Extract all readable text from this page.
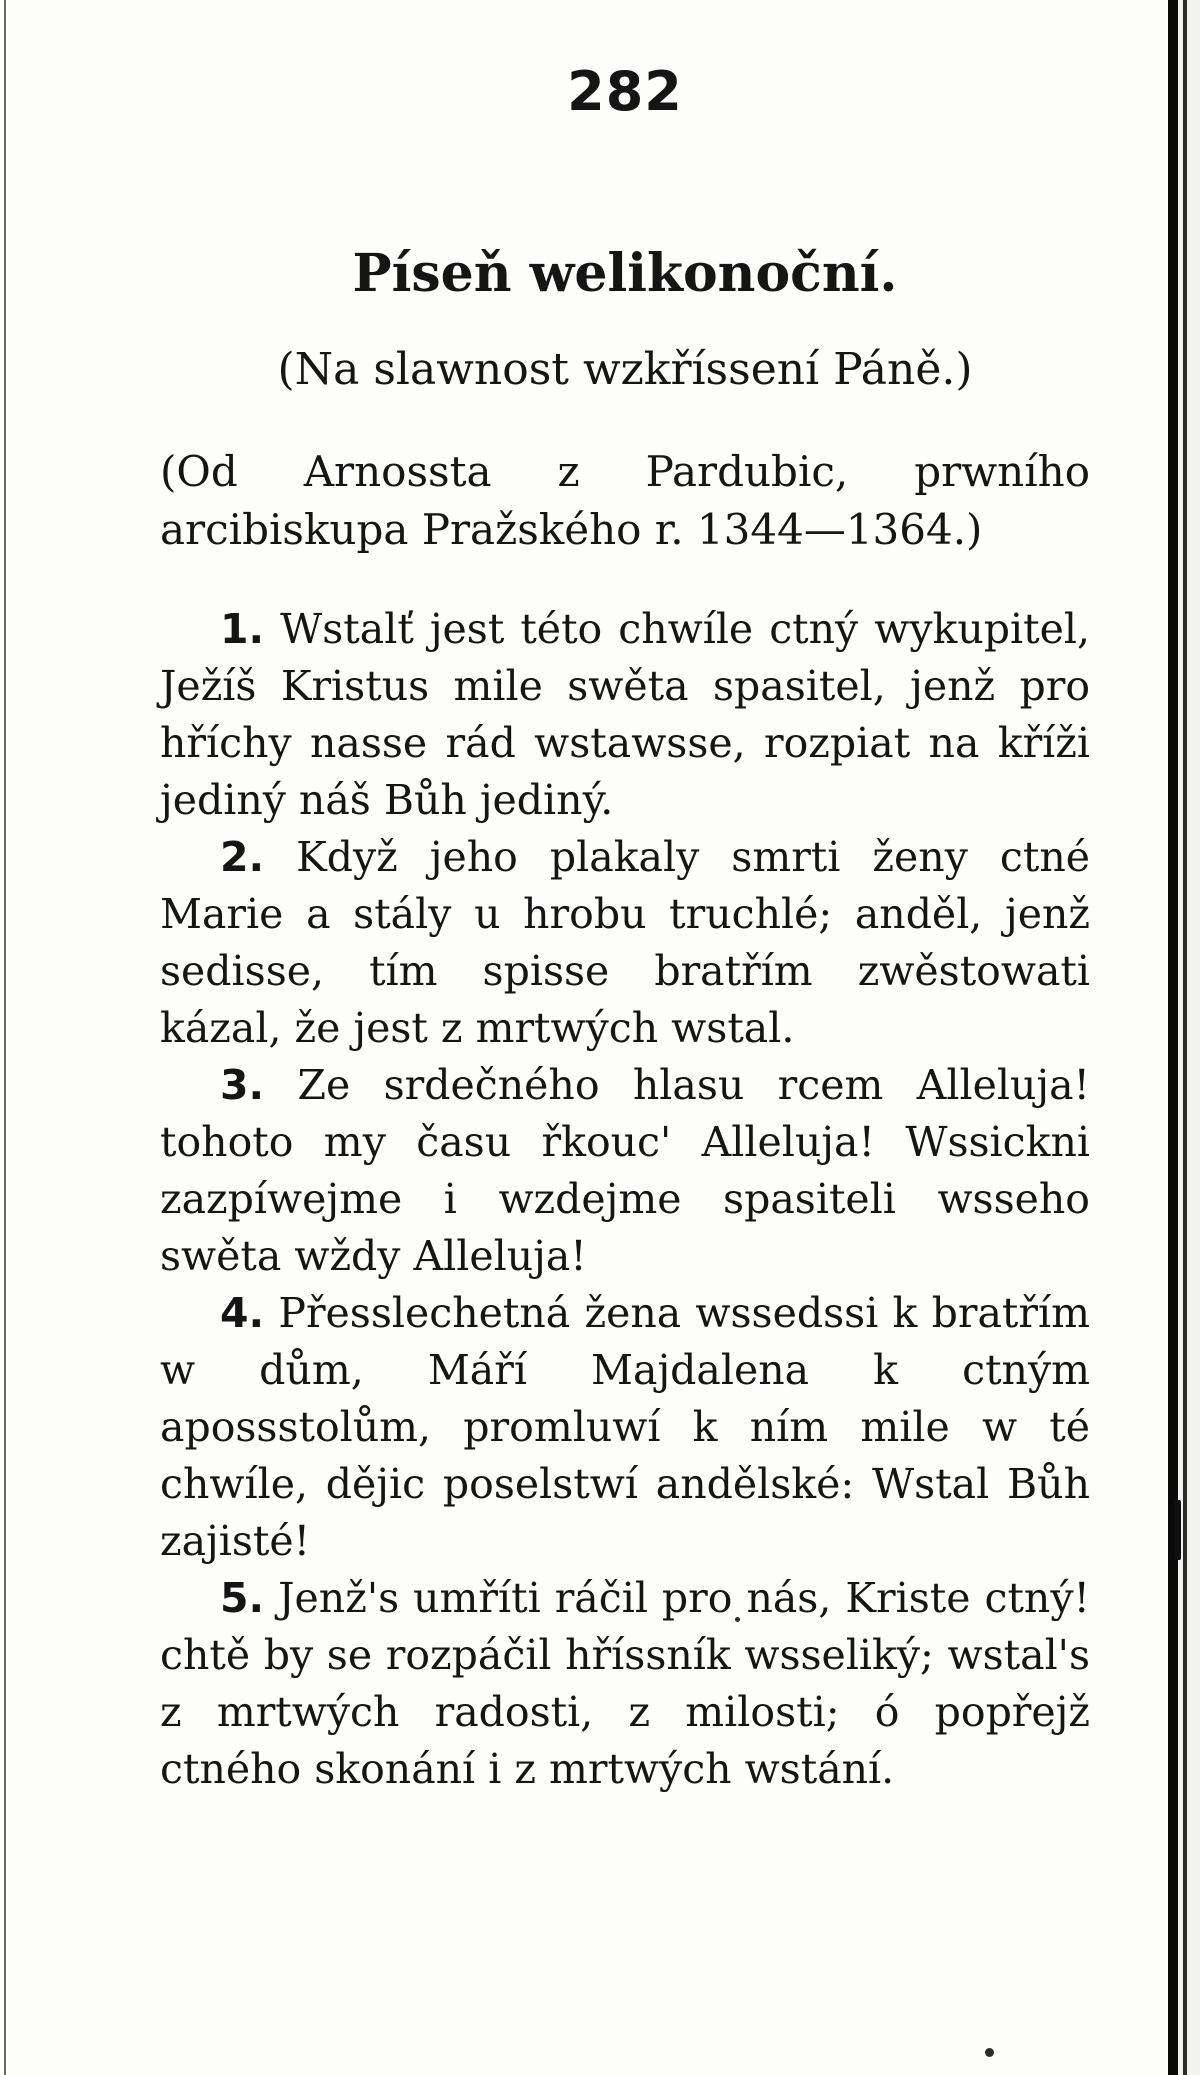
282
Píseň welikonoční.
(Na slawnost wzkříssení Páně.)
(Od Arnossta z Pardubic, prwního arcibiskupa Pražského r. 1344—1364.)

1. Wstalť jest této chwíle ctný wykupitel, Ježíš Kristus mile swěta spasitel, jenž pro hříchy nasse rád wstawsse, rozpiat na kříži jediný náš Bůh jediný.

2. Když jeho plakaly smrti ženy ctné Marie a stály u hrobu truchlé; anděl, jenž sedisse, tím spisse bratřím zwěstowati kázal, že jest z mrtwých wstal.

3. Ze srdečného hlasu rcem Alleluja! tohoto my času řkouc' Alleluja! Wssickni zazpíwejme i wzdejme spasiteli wsseho swěta wždy Alleluja!

4. Přesslechetná žena wssedssi k bratřím w dům, Máří Majdalena k ctným apossstolům, promluwí k ním mile w té chwíle, dějic poselstwí andělské: Wstal Bůh zajisté!

5. Jenž's umříti ráčil pro nás, Kriste ctný! chtě by se rozpáčil hříssník wsseliký; wstal's z mrtwých radosti, z milosti; ó popřejž ctného skonání i z mrtwých wstání.
